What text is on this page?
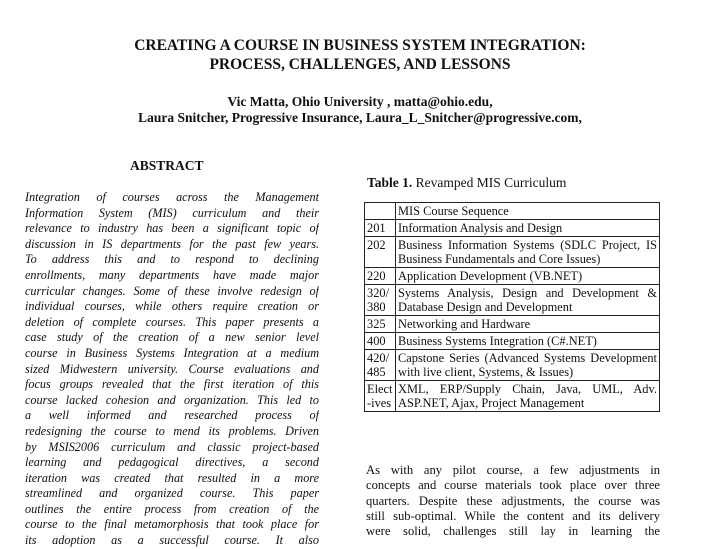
CREATING A COURSE IN BUSINESS SYSTEM INTEGRATION:
PROCESS, CHALLENGES, AND LESSONS
Vic Matta, Ohio University , matta@ohio.edu,
Laura Snitcher, Progressive Insurance, Laura_L_Snitcher@progressive.com,
ABSTRACT
Integration of courses across the Management
Information System (MIS) curriculum and their
relevance to industry has been a significant topic of
discussion in IS departments for the past few years.
To address this and to respond to declining
enrollments, many departments have made major
curricular changes. Some of these involve redesign of
individual courses, while others require creation or
deletion of complete courses. This paper presents a
case study of the creation of a new senior level
course in Business Systems Integration at a medium
sized Midwestern university. Course evaluations and
focus groups revealed that the first iteration of this
course lacked cohesion and organization. This led to
a well informed and researched process of
redesigning the course to mend its problems. Driven
by MSIS2006 curriculum and classic project-based
learning and pedagogical directives, a second
iteration was created that resulted in a more
streamlined and organized course. This paper
outlines the entire process from creation of the
course to the final metamorphosis that took place for
its adoption as a successful course. It also
Table 1. Revamped MIS Curriculum
	MIS Course Sequence
201	Information Analysis and Design
202	Business Information Systems (SDLC Project, IS Business Fundamentals and Core Issues)
220	Application Development (VB.NET)
320/ 380	Systems Analysis, Design and Development & Database Design and Development
325	Networking and Hardware
400	Business Systems Integration (C#.NET)
420/ 485	Capstone Series (Advanced Systems Development with live client, Systems, & Issues)
Elect -ives	XML, ERP/Supply Chain, Java, UML, Adv. ASP.NET, Ajax, Project Management
As with any pilot course, a few adjustments in
concepts and course materials took place over three
quarters. Despite these adjustments, the course was
still sub-optimal. While the content and its delivery
were solid, challenges still lay in learning the
